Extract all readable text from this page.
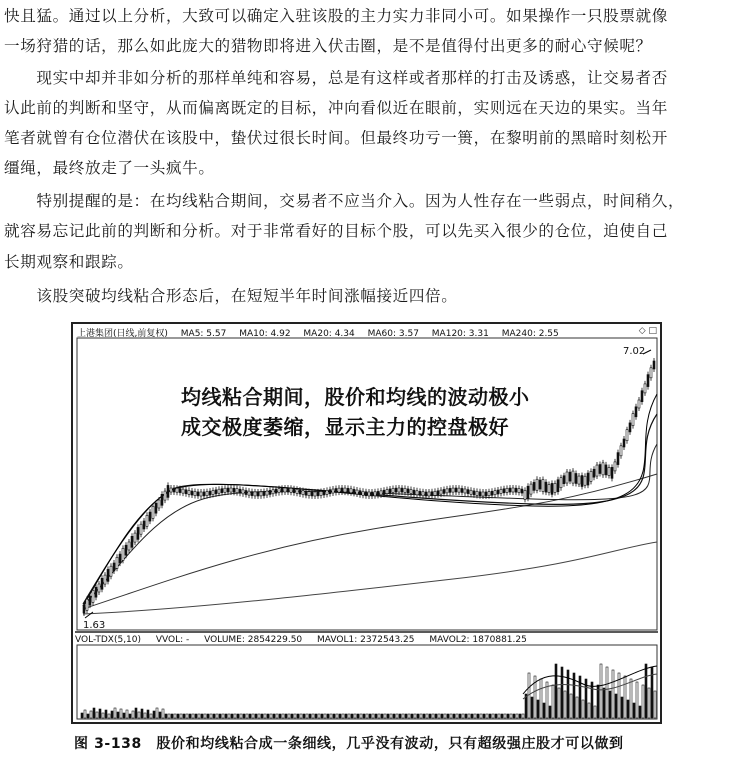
快且猛。通过以上分析，大致可以确定入驻该股的主力实力非同小可。如果操作一只股票就像
一场狩猎的话，那么如此庞大的猎物即将进入伏击圈，是不是值得付出更多的耐心守候呢？
　　现实中却并非如分析的那样单纯和容易，总是有这样或者那样的打击及诱惑，让交易者否
认此前的判断和坚守，从而偏离既定的目标，冲向看似近在眼前，实则远在天边的果实。当年
笔者就曾有仓位潜伏在该股中，蛰伏过很长时间。但最终功亏一篑，在黎明前的黑暗时刻松开
缰绳，最终放走了一头疯牛。
　　特别提醒的是：在均线粘合期间，交易者不应当介入。因为人性存在一些弱点，时间稍久，
就容易忘记此前的判断和分析。对于非常看好的目标个股，可以先买入很少的仓位，迫使自己
长期观察和跟踪。
　　该股突破均线粘合形态后，在短短半年时间涨幅接近四倍。
上港集团(日线,前复权) MA5: 5.57 MA10: 4.92 MA20: 4.34 MA60: 3.57 MA120: 3.31 MA240: 2.55	◇ □
均线粘合期间，股价和均线的波动极小
成交极度萎缩，显示主力的控盘极好
7.02
1.63
VOL-TDX(5,10) VVOL: - VOLUME: 2854229.50 MAVOL1: 2372543.25 MAVOL2: 1870881.25
图 3-138　股价和均线粘合成一条细线，几乎没有波动，只有超级强庄股才可以做到
